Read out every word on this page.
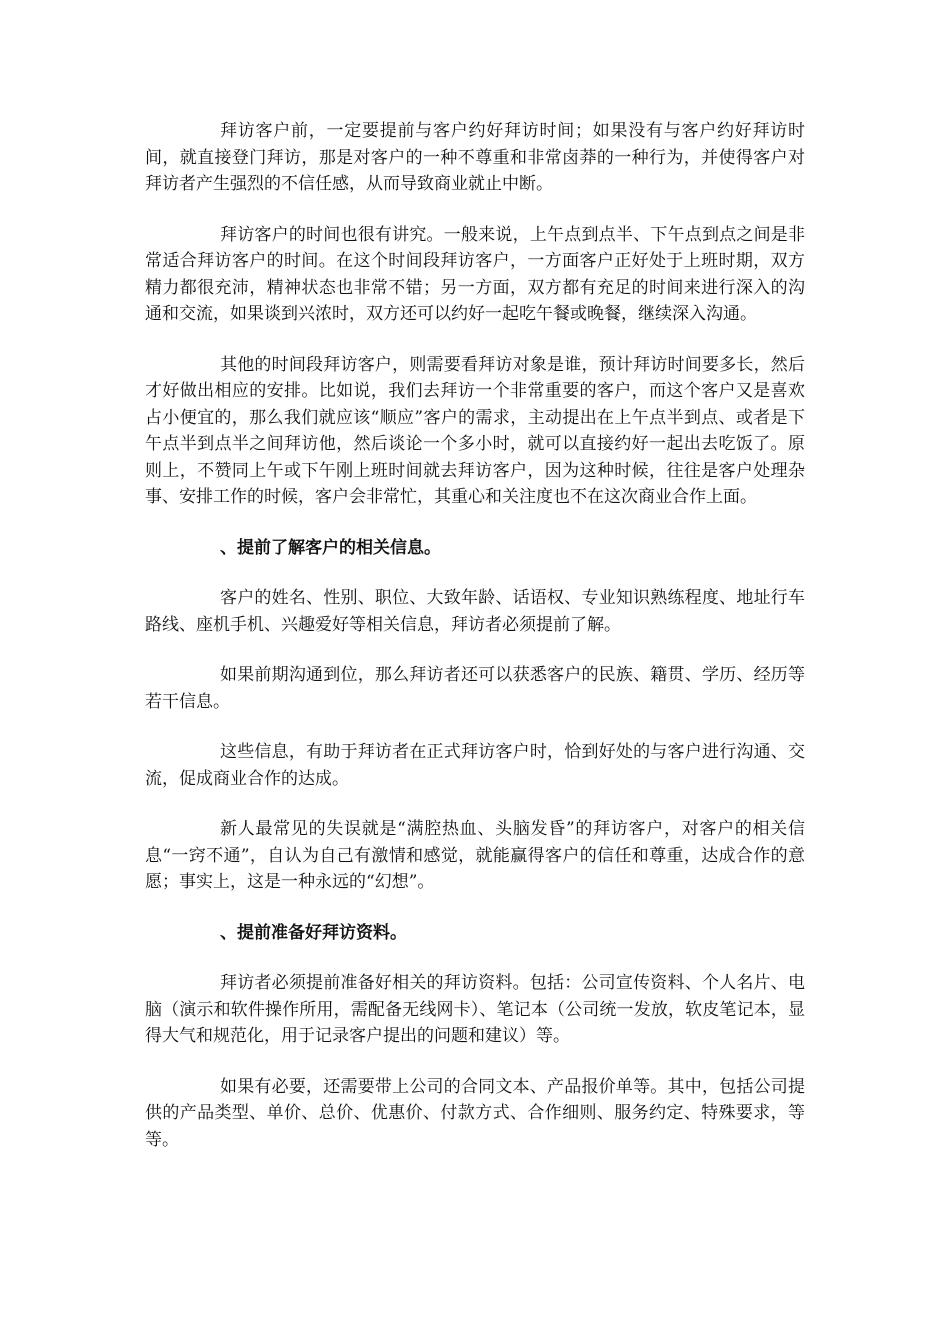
拜访客户前，一定要提前与客户约好拜访时间；如果没有与客户约好拜访时间，就直接登门拜访，那是对客户的一种不尊重和非常卤莽的一种行为，并使得客户对拜访者产生强烈的不信任感，从而导致商业就止中断。

拜访客户的时间也很有讲究。一般来说，上午点到点半、下午点到点之间是非常适合拜访客户的时间。在这个时间段拜访客户，一方面客户正好处于上班时期，双方精力都很充沛，精神状态也非常不错；另一方面，双方都有充足的时间来进行深入的沟通和交流，如果谈到兴浓时，双方还可以约好一起吃午餐或晚餐，继续深入沟通。

其他的时间段拜访客户，则需要看拜访对象是谁，预计拜访时间要多长，然后才好做出相应的安排。比如说，我们去拜访一个非常重要的客户，而这个客户又是喜欢占小便宜的，那么我们就应该“顺应”客户的需求，主动提出在上午点半到点、或者是下午点半到点半之间拜访他，然后谈论一个多小时，就可以直接约好一起出去吃饭了。原则上，不赞同上午或下午刚上班时间就去拜访客户，因为这种时候，往往是客户处理杂事、安排工作的时候，客户会非常忙，其重心和关注度也不在这次商业合作上面。

、提前了解客户的相关信息。

客户的姓名、性别、职位、大致年龄、话语权、专业知识熟练程度、地址行车路线、座机手机、兴趣爱好等相关信息，拜访者必须提前了解。

如果前期沟通到位，那么拜访者还可以获悉客户的民族、籍贯、学历、经历等若干信息。

这些信息，有助于拜访者在正式拜访客户时，恰到好处的与客户进行沟通、交流，促成商业合作的达成。

新人最常见的失误就是“满腔热血、头脑发昏”的拜访客户，对客户的相关信息“一窍不通”，自认为自己有激情和感觉，就能赢得客户的信任和尊重，达成合作的意愿；事实上，这是一种永远的“幻想”。

、提前准备好拜访资料。

拜访者必须提前准备好相关的拜访资料。包括：公司宣传资料、个人名片、电脑（演示和软件操作所用，需配备无线网卡）、笔记本（公司统一发放，软皮笔记本，显得大气和规范化，用于记录客户提出的问题和建议）等。

如果有必要，还需要带上公司的合同文本、产品报价单等。其中，包括公司提供的产品类型、单价、总价、优惠价、付款方式、合作细则、服务约定、特殊要求，等等。
